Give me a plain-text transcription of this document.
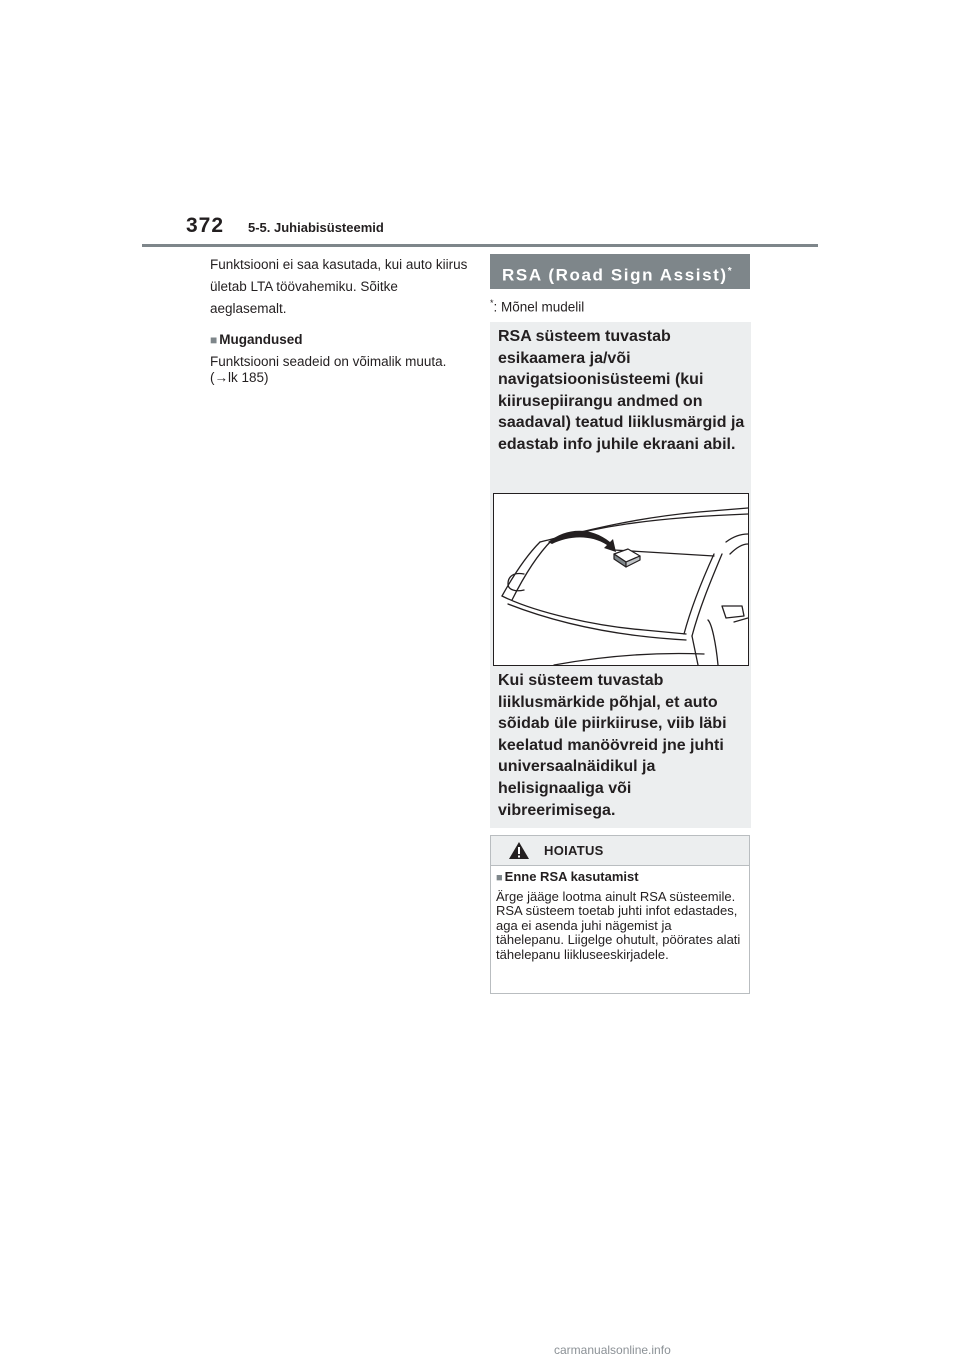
372 5-5. Juhiabisüsteemid

Funktsiooni ei saa kasutada, kui auto kiirus ületab LTA töövahemiku. Sõitke aeglasemalt.

■ Mugandused

Funktsiooni seadeid on võimalik muuta.
(→lk 185)

RSA (Road Sign Assist)*
*: Mõnel mudelil
RSA süsteem tuvastab esikaamera ja/või navigatsioonisüsteemi (kui kiirusepiirangu andmed on saadaval) teatud liiklusmärgid ja edastab info juhile ekraani abil.
Kui süsteem tuvastab liiklusmärkide põhjal, et auto sõidab üle piirkiiruse, viib läbi keelatud manöövreid jne juhti universaalnäidikul ja helisignaaliga või vibreerimisega.
HOIATUS

■ Enne RSA kasutamist

Ärge jääge lootma ainult RSA süsteemile. RSA süsteem toetab juhti infot edastades, aga ei asenda juhi nägemist ja tähelepanu. Liigelge ohutult, pöörates alati tähelepanu liikluseeskirjadele.

carmanualsonline.info
